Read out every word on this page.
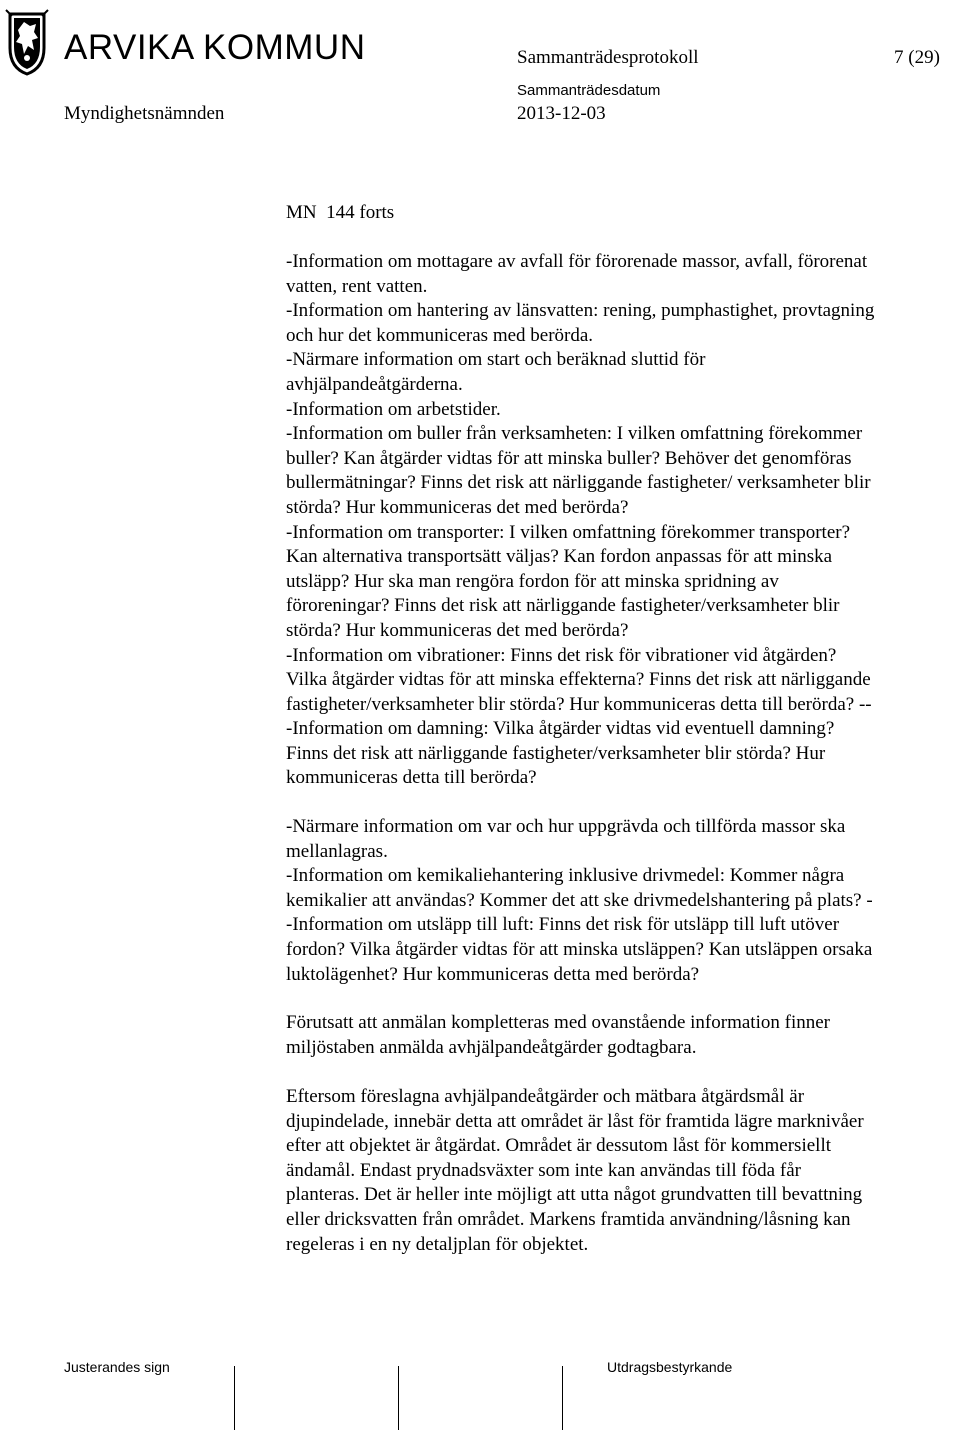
ARVIKA KOMMUN	Sammanträdesprotokoll	7 (29)
Sammanträdesdatum
Myndighetsnämnden	2013-12-03
MN  144 forts

-Information om mottagare av avfall för förorenade massor, avfall, förorenat

vatten, rent vatten.

-Information om hantering av länsvatten: rening, pumphastighet, provtagning

och hur det kommuniceras med berörda.

-Närmare information om start och beräknad sluttid för

avhjälpandeåtgärderna.

-Information om arbetstider.

-Information om buller från verksamheten: I vilken omfattning förekommer

buller? Kan åtgärder vidtas för att minska buller? Behöver det genomföras

bullermätningar? Finns det risk att närliggande fastigheter/ verksamheter blir

störda? Hur kommuniceras det med berörda?

-Information om transporter: I vilken omfattning förekommer transporter?

Kan alternativa transportsätt väljas? Kan fordon anpassas för att minska

utsläpp? Hur ska man rengöra fordon för att minska spridning av

föroreningar? Finns det risk att närliggande fastigheter/verksamheter blir

störda? Hur kommuniceras det med berörda?

-Information om vibrationer: Finns det risk för vibrationer vid åtgärden?

Vilka åtgärder vidtas för att minska effekterna? Finns det risk att närliggande

fastigheter/verksamheter blir störda? Hur kommuniceras detta till berörda? --

-Information om damning: Vilka åtgärder vidtas vid eventuell damning?

Finns det risk att närliggande fastigheter/verksamheter blir störda? Hur

kommuniceras detta till berörda?

-Närmare information om var och hur uppgrävda och tillförda massor ska

mellanlagras.

-Information om kemikaliehantering inklusive drivmedel: Kommer några

kemikalier att användas? Kommer det att ske drivmedelshantering på plats? -

-Information om utsläpp till luft: Finns det risk för utsläpp till luft utöver

fordon? Vilka åtgärder vidtas för att minska utsläppen? Kan utsläppen orsaka

luktolägenhet? Hur kommuniceras detta med berörda?

Förutsatt att anmälan kompletteras med ovanstående information finner

miljöstaben anmälda avhjälpandeåtgärder godtagbara.

Eftersom föreslagna avhjälpandeåtgärder och mätbara åtgärdsmål är

djupindelade, innebär detta att området är låst för framtida lägre marknivåer

efter att objektet är åtgärdat. Området är dessutom låst för kommersiellt

ändamål. Endast prydnadsväxter som inte kan användas till föda får

planteras. Det är heller inte möjligt att utta något grundvatten till bevattning

eller dricksvatten från området. Markens framtida användning/låsning kan

regeleras i en ny detaljplan för objektet.

Justerandes sign	Utdragsbestyrkande
